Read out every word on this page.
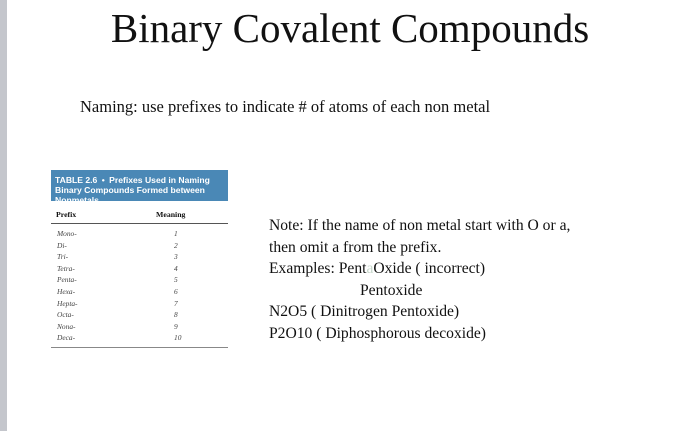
Binary Covalent Compounds
Naming: use prefixes to indicate # of atoms of each non metal
TABLE 2.6 • Prefixes Used in Naming Binary Compounds Formed between Nonmetals
Prefix	Meaning
Mono-	1
Di-	2
Tri-	3
Tetra-	4
Penta-	5
Hexa-	6
Hepta-	7
Octa-	8
Nona-	9
Deca-	10
Note: If the name of non metal start with O or a,
then omit a from the prefix.
Examples: PentaOxide ( incorrect)
Pentoxide
N2O5 ( Dinitrogen Pentoxide)
P2O10 ( Diphosphorous decoxide)
